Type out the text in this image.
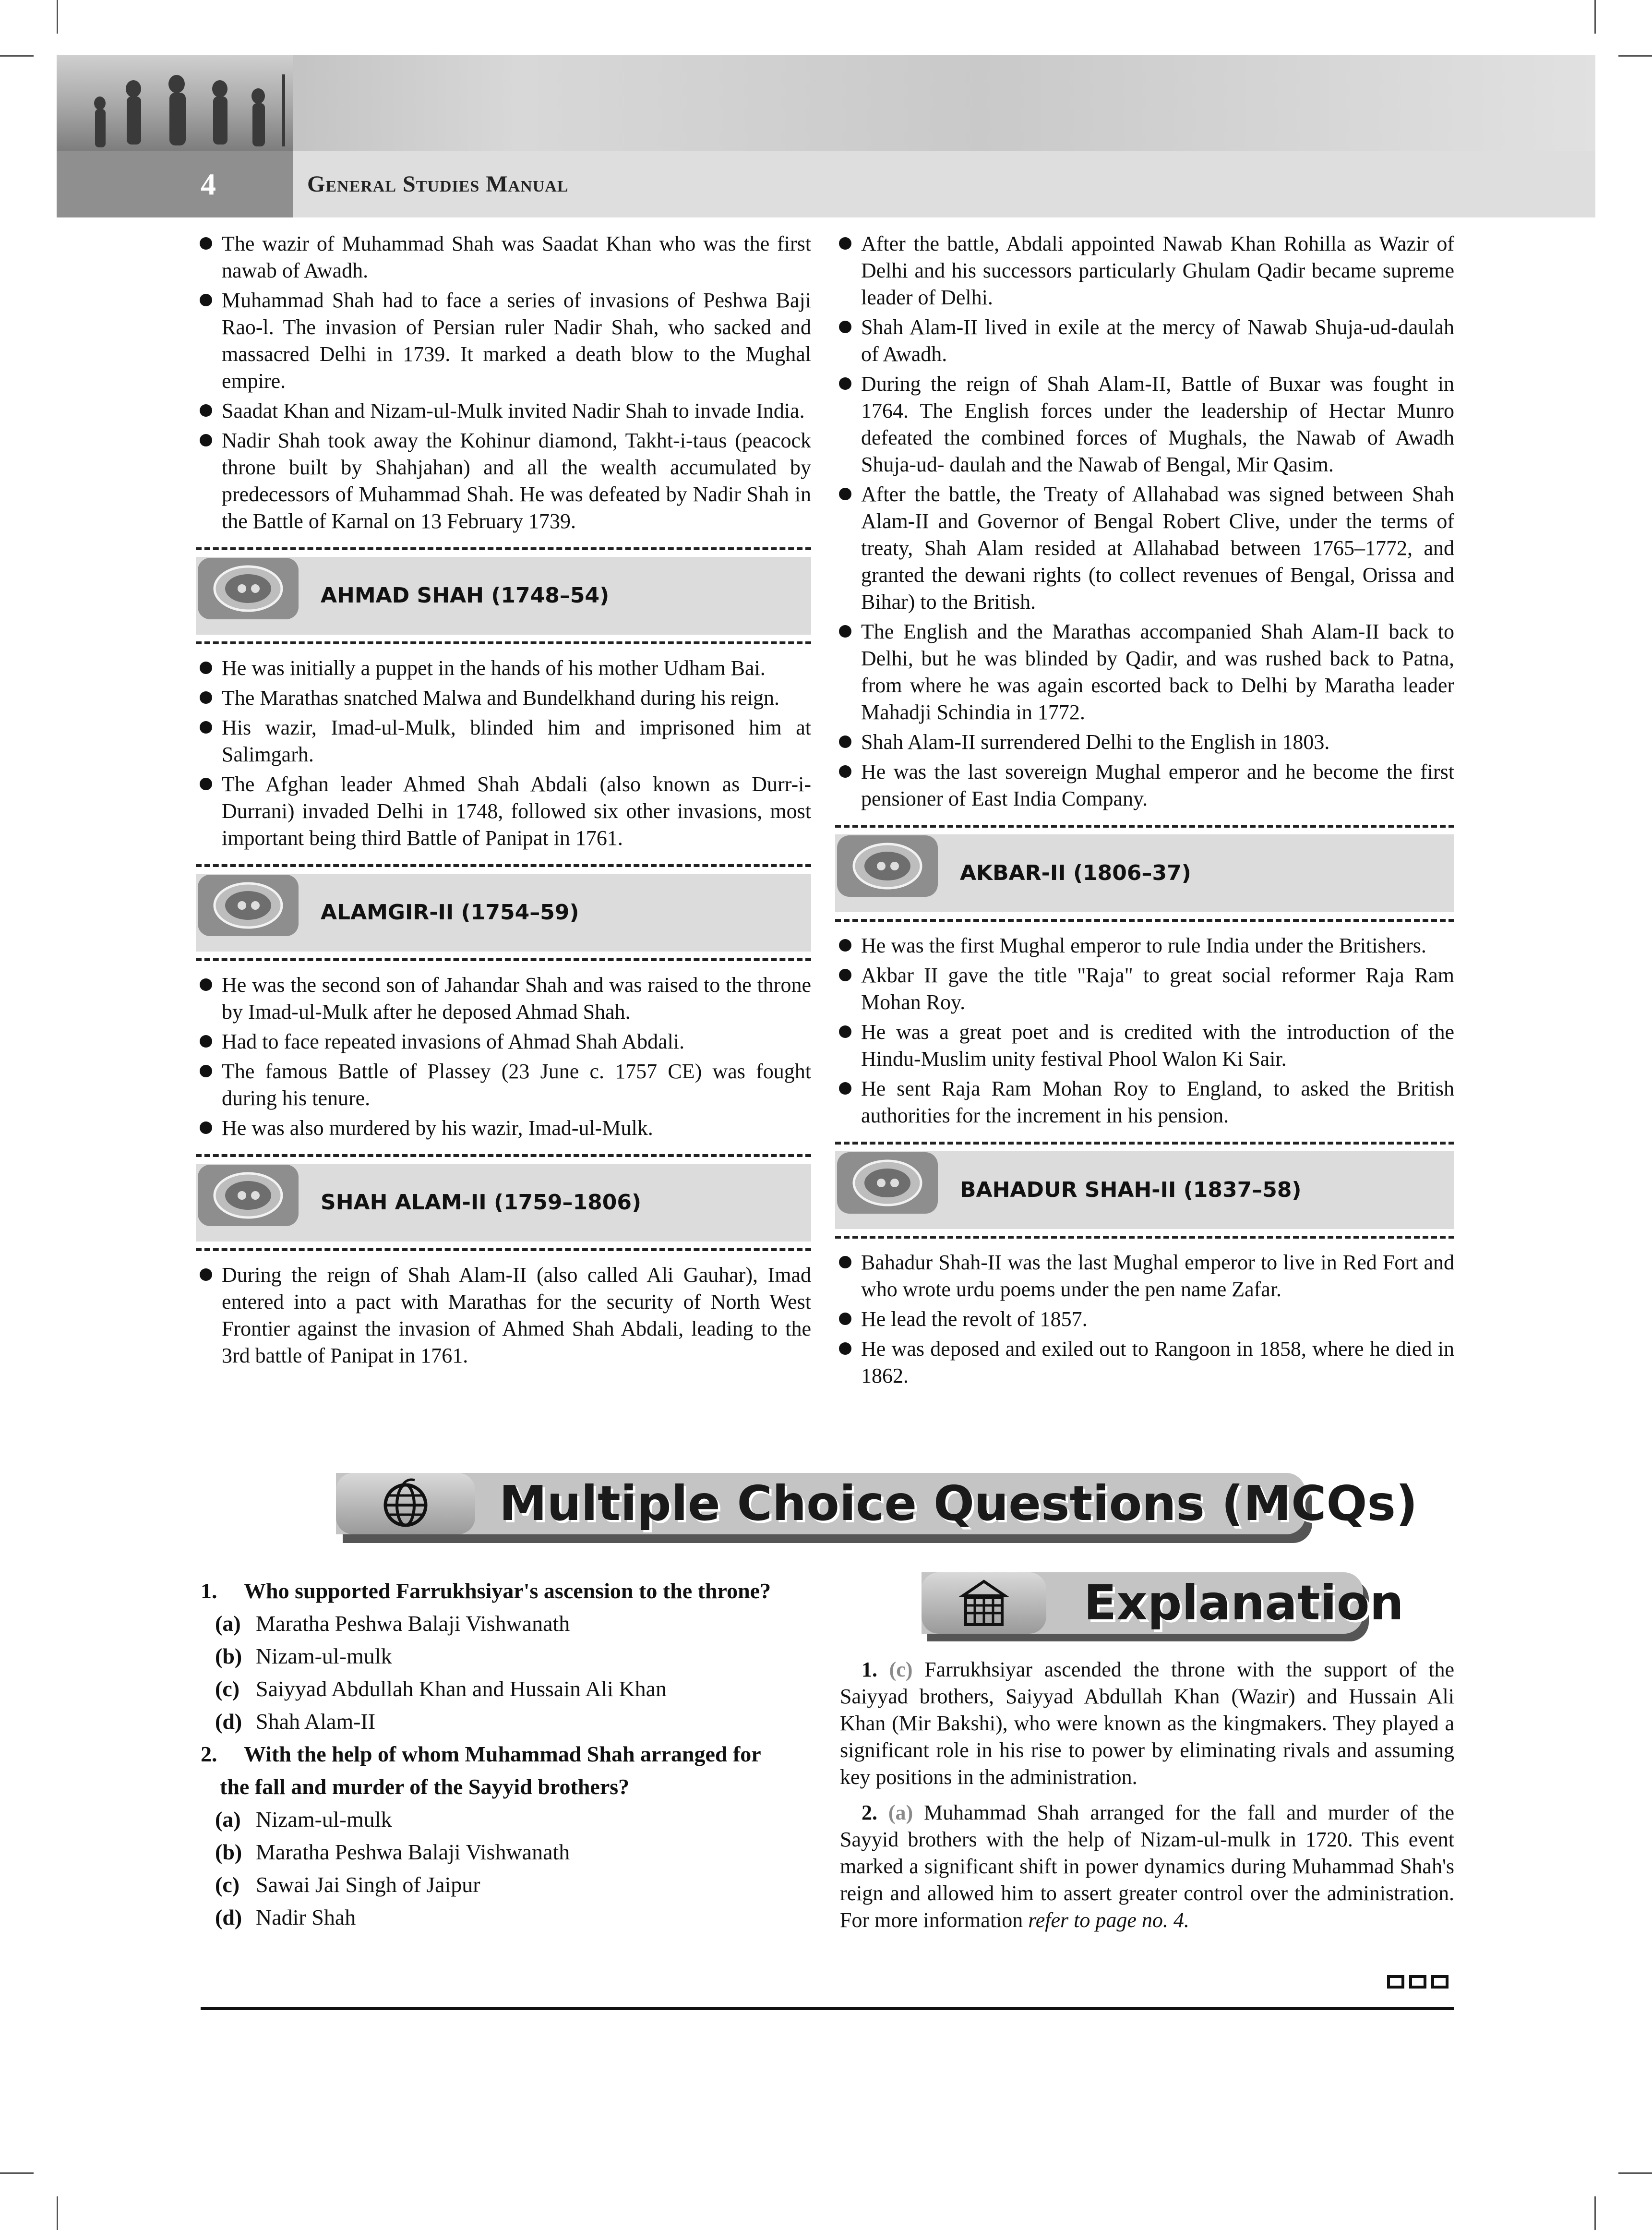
4	General Studies Manual
The wazir of Muhammad Shah was Saadat Khan who was the first nawab of Awadh.
Muhammad Shah had to face a series of invasions of Peshwa Baji Rao-l. The invasion of Persian ruler Nadir Shah, who sacked and massacred Delhi in 1739. It marked a death blow to the Mughal empire.
Saadat Khan and Nizam-ul-Mulk invited Nadir Shah to invade India.
Nadir Shah took away the Kohinur diamond, Takht-i-taus (peacock throne built by Shahjahan) and all the wealth accumulated by predecessors of Muhammad Shah. He was defeated by Nadir Shah in the Battle of Karnal on 13 February 1739.
AHMAD SHAH (1748–54)
He was initially a puppet in the hands of his mother Udham Bai.
The Marathas snatched Malwa and Bundelkhand during his reign.
His wazir, Imad-ul-Mulk, blinded him and imprisoned him at Salimgarh.
The Afghan leader Ahmed Shah Abdali (also known as Durr-i-Durrani) invaded Delhi in 1748, followed six other invasions, most important being third Battle of Panipat in 1761.
ALAMGIR-II (1754–59)
He was the second son of Jahandar Shah and was raised to the throne by Imad-ul-Mulk after he deposed Ahmad Shah.
Had to face repeated invasions of Ahmad Shah Abdali.
The famous Battle of Plassey (23 June c. 1757 CE) was fought during his tenure.
He was also murdered by his wazir, Imad-ul-Mulk.
SHAH ALAM-II (1759–1806)
During the reign of Shah Alam-II (also called Ali Gauhar), Imad entered into a pact with Marathas for the security of North West Frontier against the invasion of Ahmed Shah Abdali, leading to the 3rd battle of Panipat in 1761.
After the battle, Abdali appointed Nawab Khan Rohilla as Wazir of Delhi and his successors particularly Ghulam Qadir became supreme leader of Delhi.
Shah Alam-II lived in exile at the mercy of Nawab Shuja-ud-daulah of Awadh.
During the reign of Shah Alam-II, Battle of Buxar was fought in 1764. The English forces under the leadership of Hectar Munro defeated the combined forces of Mughals, the Nawab of Awadh Shuja-ud- daulah and the Nawab of Bengal, Mir Qasim.
After the battle, the Treaty of Allahabad was signed between Shah Alam-II and Governor of Bengal Robert Clive, under the terms of treaty, Shah Alam resided at Allahabad between 1765–1772, and granted the dewani rights (to collect revenues of Bengal, Orissa and Bihar) to the British.
The English and the Marathas accompanied Shah Alam-II back to Delhi, but he was blinded by Qadir, and was rushed back to Patna, from where he was again escorted back to Delhi by Maratha leader Mahadji Schindia in 1772.
Shah Alam-II surrendered Delhi to the English in 1803.
He was the last sovereign Mughal emperor and he become the first pensioner of East India Company.
AKBAR-II (1806–37)
He was the first Mughal emperor to rule India under the Britishers.
Akbar II gave the title "Raja" to great social reformer Raja Ram Mohan Roy.
He was a great poet and is credited with the introduction of the Hindu-Muslim unity festival Phool Walon Ki Sair.
He sent Raja Ram Mohan Roy to England, to asked the British authorities for the increment in his pension.
BAHADUR SHAH-II (1837–58)
Bahadur Shah-II was the last Mughal emperor to live in Red Fort and who wrote urdu poems under the pen name Zafar.
He lead the revolt of 1857.
He was deposed and exiled out to Rangoon in 1858, where he died in 1862.
Multiple Choice Questions (MCQs)

1. Who supported Farrukhsiyar's ascension to the throne?

(a) Maratha Peshwa Balaji Vishwanath

(b) Nizam-ul-mulk

(c) Saiyyad Abdullah Khan and Hussain Ali Khan

(d) Shah Alam-II

2. With the help of whom Muhammad Shah arranged for
the fall and murder of the Sayyid brothers?

(a) Nizam-ul-mulk

(b) Maratha Peshwa Balaji Vishwanath

(c) Sawai Jai Singh of Jaipur

(d) Nadir Shah

Explanation

1. (c) Farrukhsiyar ascended the throne with the support of the Saiyyad brothers, Saiyyad Abdullah Khan (Wazir) and Hussain Ali Khan (Mir Bakshi), who were known as the kingmakers. They played a significant role in his rise to power by eliminating rivals and assuming key positions in the administration.

2. (a) Muhammad Shah arranged for the fall and murder of the Sayyid brothers with the help of Nizam-ul-mulk in 1720. This event marked a significant shift in power dynamics during Muhammad Shah's reign and allowed him to assert greater control over the administration. For more information refer to page no. 4.
